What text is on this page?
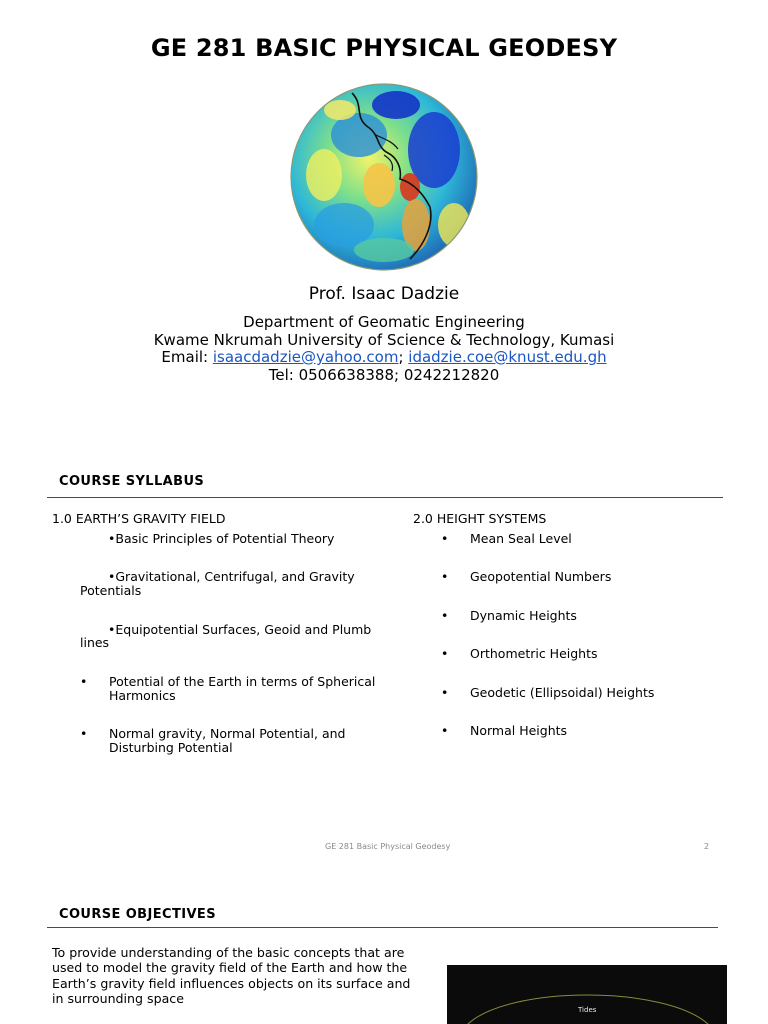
GE 281 BASIC PHYSICAL GEODESY
Prof. Isaac Dadzie
Department of Geomatic Engineering
Kwame Nkrumah University of Science & Technology, Kumasi
Email: isaacdadzie@yahoo.com; idadzie.coe@knust.edu.gh
Tel: 0506638388; 0242212820
COURSE SYLLABUS
1.0 EARTH’S GRAVITY FIELD
•Basic Principles of Potential Theory
•Gravitational, Centrifugal, and Gravity
Potentials
•Equipotential Surfaces, Geoid and Plumb
lines
• Potential of the Earth in terms of Spherical
Harmonics
• Normal gravity, Normal Potential, and
Disturbing Potential
2.0 HEIGHT SYSTEMS
• Mean Seal Level
• Geopotential Numbers
• Dynamic Heights
• Orthometric Heights
• Geodetic (Ellipsoidal) Heights
• Normal Heights
GE 281 Basic Physical Geodesy	2
COURSE OBJECTIVES
To provide understanding of the basic concepts that are
used to model the gravity field of the Earth and how the
Earth’s gravity field influences objects on its surface and
in surrounding space
Tides
